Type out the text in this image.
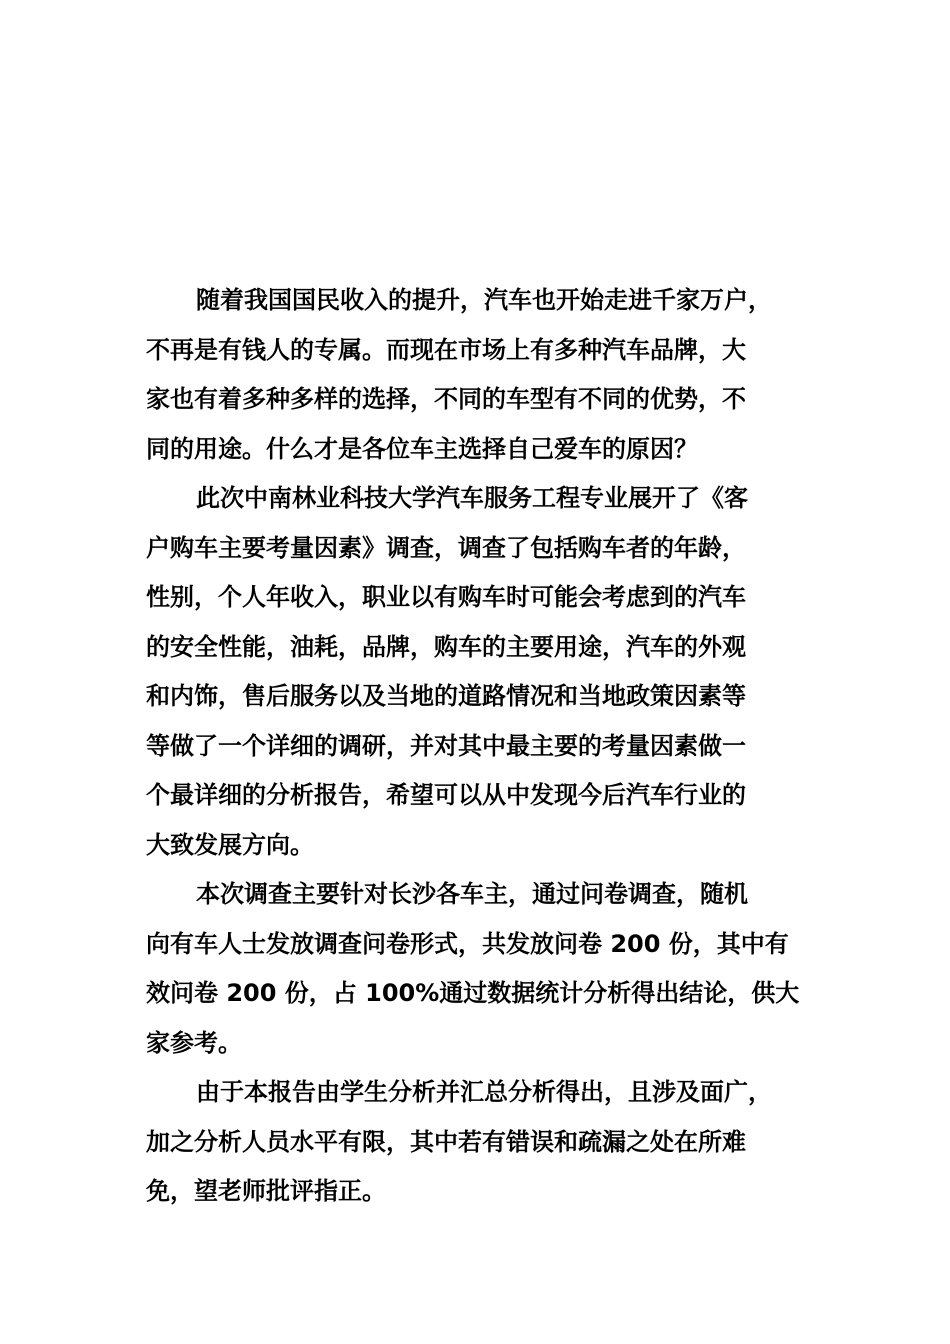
随着我国国民收入的提升，汽车也开始走进千家万户，
不再是有钱人的专属。而现在市场上有多种汽车品牌，大
家也有着多种多样的选择，不同的车型有不同的优势，不
同的用途。什么才是各位车主选择自己爱车的原因？
此次中南林业科技大学汽车服务工程专业展开了《客
户购车主要考量因素》调查，调查了包括购车者的年龄，
性别，个人年收入，职业以有购车时可能会考虑到的汽车
的安全性能，油耗，品牌，购车的主要用途，汽车的外观
和内饰，售后服务以及当地的道路情况和当地政策因素等
等做了一个详细的调研，并对其中最主要的考量因素做一
个最详细的分析报告，希望可以从中发现今后汽车行业的
大致发展方向。
本次调查主要针对长沙各车主，通过问卷调查，随机
向有车人士发放调查问卷形式，共发放问卷 200 份，其中有
效问卷 200 份，占 100%通过数据统计分析得出结论，供大
家参考。
由于本报告由学生分析并汇总分析得出，且涉及面广，
加之分析人员水平有限，其中若有错误和疏漏之处在所难
免，望老师批评指正。
